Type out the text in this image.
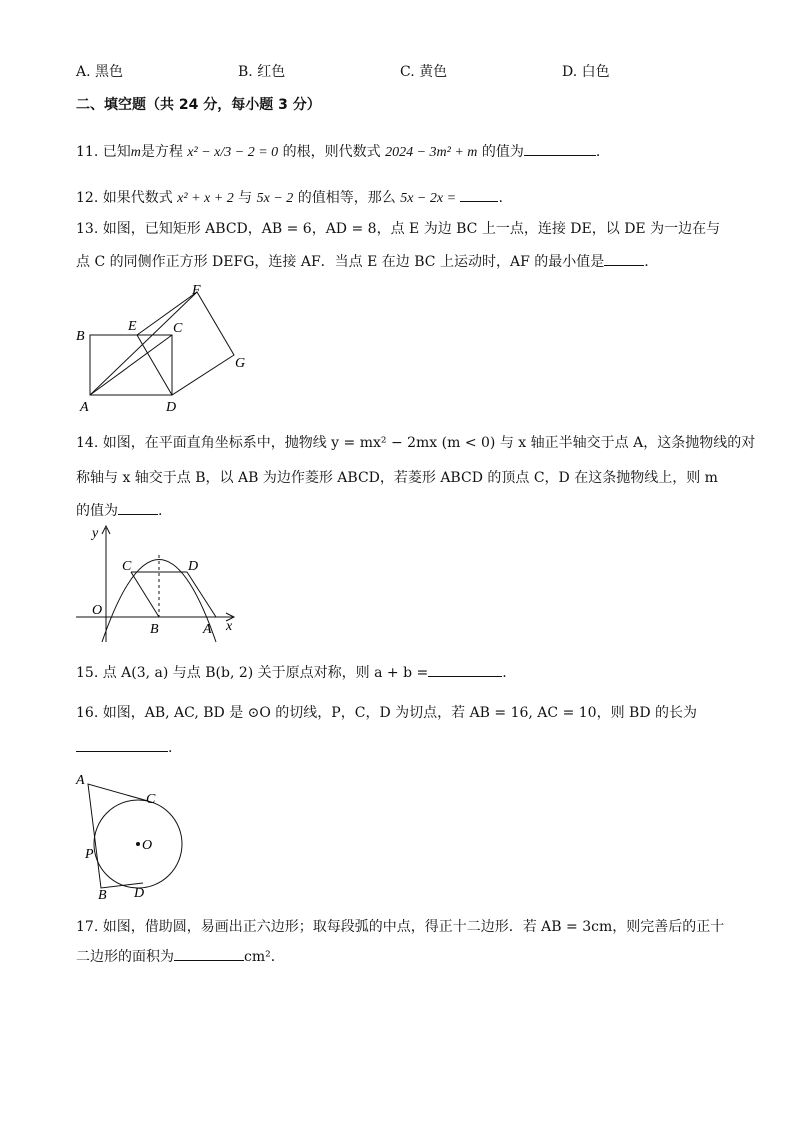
A. 黑色	B. 红色	C. 黄色	D. 白色
二、填空题（共 24 分，每小题 3 分）
11. 已知m是方程 x² − x/3 − 2 = 0 的根，则代数式 2024 − 3m² + m 的值为	.
12. 如果代数式 x² + x + 2 与 5x − 2 的值相等，那么 5x − 2x =	.
13. 如图，已知矩形 ABCD，AB = 6，AD = 8，点 E 为边 BC 上一点，连接 DE，以 DE 为一边在与
点 C 的同侧作正方形 DEFG，连接 AF．当点 E 在边 BC 上运动时，AF 的最小值是	.
B
E	C
F
G
A	D
14. 如图，在平面直角坐标系中，抛物线 y = mx² − 2mx (m < 0) 与 x 轴正半轴交于点 A，这条抛物线的对
称轴与 x 轴交于点 B，以 AB 为边作菱形 ABCD，若菱形 ABCD 的顶点 C，D 在这条抛物线上，则 m
的值为	.
y
x
O
C	D
B	A
15. 点 A(3, a) 与点 B(b, 2) 关于原点对称，则 a + b =	.
16. 如图，AB, AC, BD 是 ⊙O 的切线，P，C，D 为切点，若 AB = 16, AC = 10，则 BD 的长为
.
A
C
P
O
B D
17. 如图，借助圆，易画出正六边形；取每段弧的中点，得正十二边形．若 AB = 3cm，则完善后的正十
二边形的面积为	cm²．
